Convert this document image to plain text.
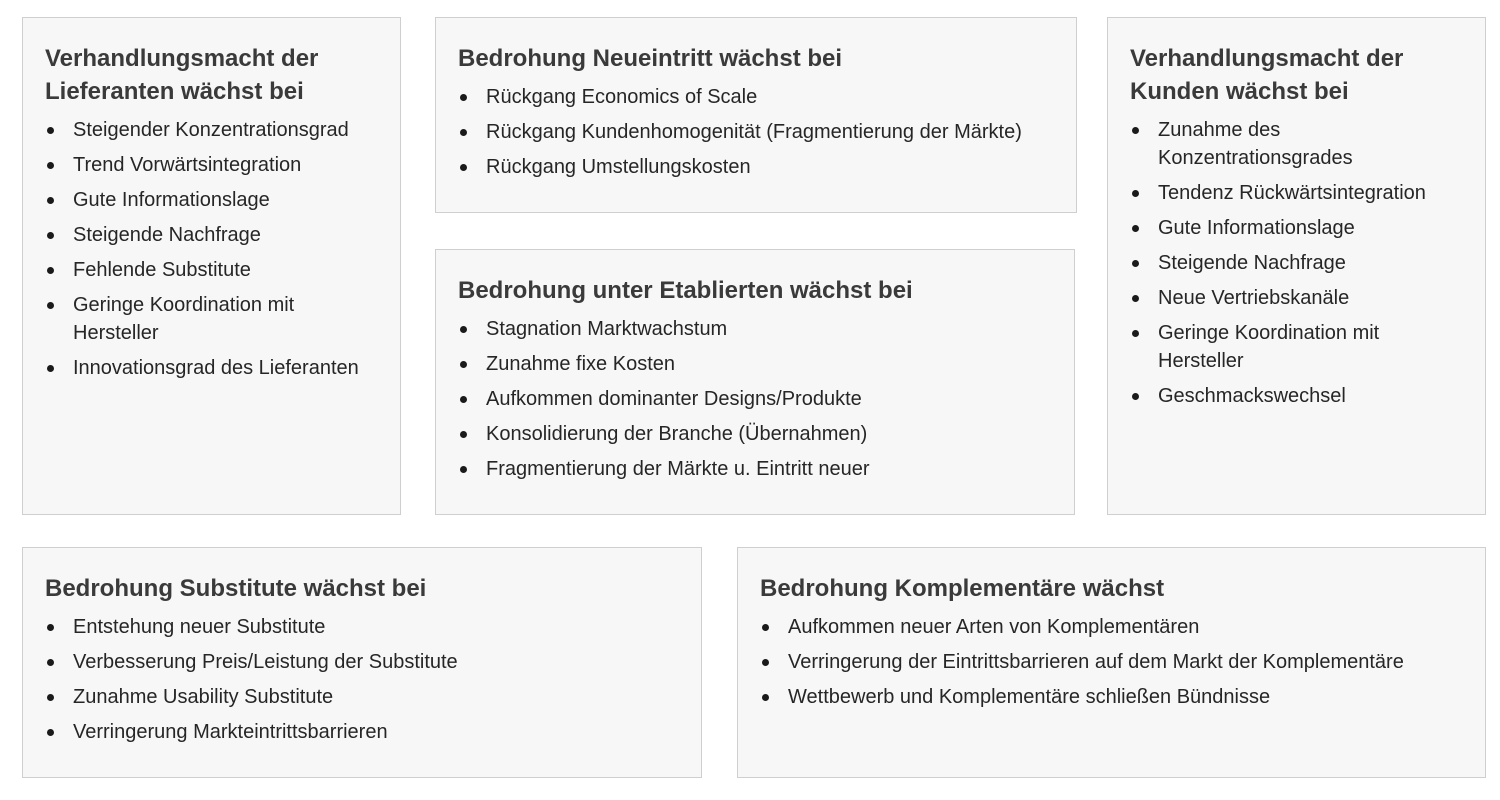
Verhandlungsmacht der Lieferanten wächst bei
Steigender Konzentrationsgrad
Trend Vorwärtsintegration
Gute Informationslage
Steigende Nachfrage
Fehlende Substitute
Geringe Koordination mit Hersteller
Innovationsgrad des Lieferanten
Bedrohung Neueintritt wächst bei
Rückgang Economics of Scale
Rückgang Kundenhomogenität (Fragmentierung der Märkte)
Rückgang Umstellungskosten
Bedrohung unter Etablierten wächst bei
Stagnation Marktwachstum
Zunahme fixe Kosten
Aufkommen dominanter Designs/Produkte
Konsolidierung der Branche (Übernahmen)
Fragmentierung der Märkte u. Eintritt neuer
Verhandlungsmacht der Kunden wächst bei
Zunahme des Konzentrationsgrades
Tendenz Rückwärtsintegration
Gute Informationslage
Steigende Nachfrage
Neue Vertriebskanäle
Geringe Koordination mit Hersteller
Geschmackswechsel
Bedrohung Substitute wächst bei
Entstehung neuer Substitute
Verbesserung Preis/Leistung der Substitute
Zunahme Usability Substitute
Verringerung Markteintrittsbarrieren
Bedrohung Komplementäre wächst
Aufkommen neuer Arten von Komplementären
Verringerung der Eintrittsbarrieren auf dem Markt der Komplementäre
Wettbewerb und Komplementäre schließen Bündnisse
